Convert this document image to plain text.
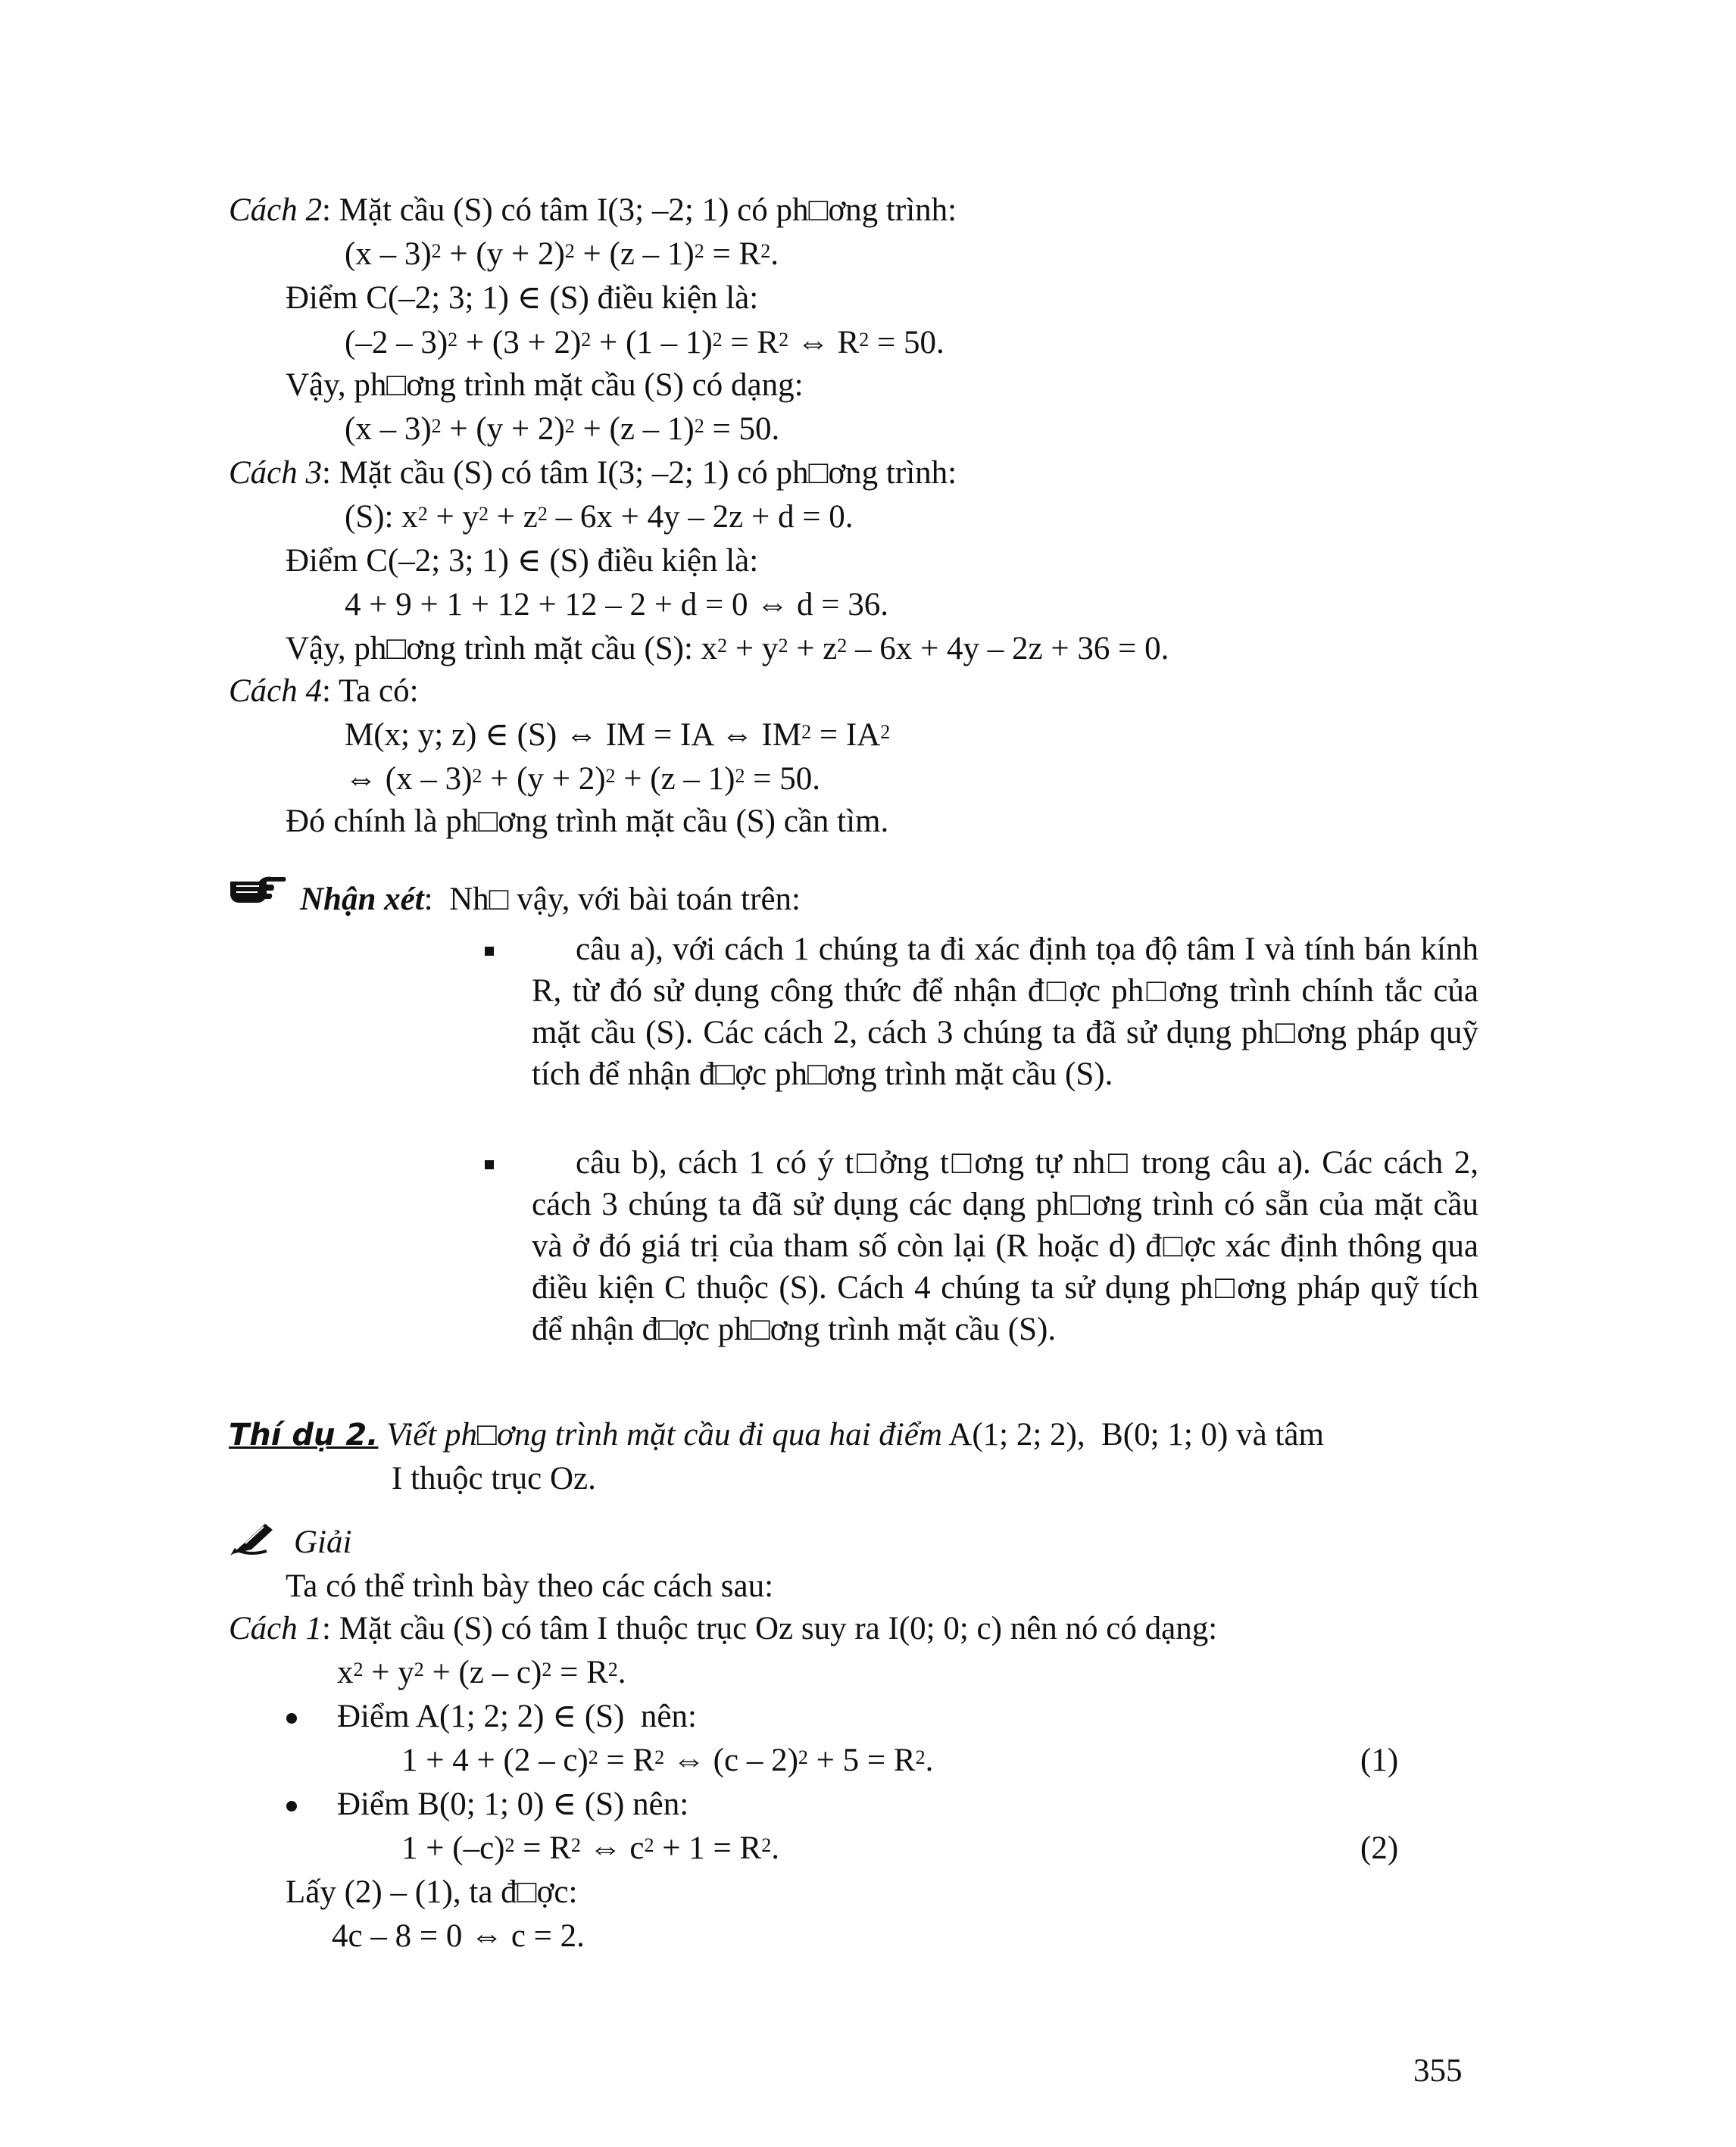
Cách 2: Mặt cầu (S) có tâm I(3; –2; 1) có ph□ơng trình:
$(x - 3)^2 + (y + 2)^2 + (z - 1)^2 = R^2$.
Điểm C(–2; 3; 1) ∈ (S) điều kiện là:
$(-2 - 3)^2 + (3 + 2)^2 + (1 - 1)^2 = R^2$ ⇔ $R^2 = 50$.
Vậy, ph□ơng trình mặt cầu (S) có dạng:
$(x - 3)^2 + (y + 2)^2 + (z - 1)^2 = 50$.
Cách 3: Mặt cầu (S) có tâm I(3; –2; 1) có ph□ơng trình:
(S): $x^2 + y^2 + z^2 - 6x + 4y - 2z + d = 0$.
Điểm C(–2; 3; 1) ∈ (S) điều kiện là:
4 + 9 + 1 + 12 + 12 – 2 + d = 0 ⇔ d = 36.
Vậy, ph□ơng trình mặt cầu (S): $x^2 + y^2 + z^2 - 6x + 4y - 2z + 36 = 0$.
Cách 4: Ta có:
M(x; y; z) ∈ (S) ⇔ IM = IA ⇔ $IM^2 = IA^2$
⇔ $(x - 3)^2 + (y + 2)^2 + (z - 1)^2 = 50$.
Đó chính là ph□ơng trình mặt cầu (S) cần tìm.
Nhận xét:  Nh□ vậy, với bài toán trên:
câu a), với cách 1 chúng ta đi xác định tọa độ tâm I và tính bán kính R, từ đó sử dụng công thức để nhận đ□ợc ph□ơng trình chính tắc của mặt cầu (S). Các cách 2, cách 3 chúng ta đã sử dụng ph□ơng pháp quỹ tích để nhận đ□ợc ph□ơng trình mặt cầu (S).
câu b), cách 1 có ý t□ởng t□ơng tự nh□ trong câu a). Các cách 2, cách 3 chúng ta đã sử dụng các dạng ph□ơng trình có sẵn của mặt cầu và ở đó giá trị của tham số còn lại (R hoặc d) đ□ợc xác định thông qua điều kiện C thuộc (S). Cách 4 chúng ta sử dụng ph□ơng pháp quỹ tích để nhận đ□ợc ph□ơng trình mặt cầu (S).
Thí dụ 2. Viết ph□ơng trình mặt cầu đi qua hai điểm A(1; 2; 2),  B(0; 1; 0) và tâm
I thuộc trục Oz.
Giải
Ta có thể trình bày theo các cách sau:
Cách 1: Mặt cầu (S) có tâm I thuộc trục Oz suy ra I(0; 0; c) nên nó có dạng:
$x^2 + y^2 + (z - c)^2 = R^2$.
Điểm A(1; 2; 2) ∈ (S)  nên:
$1 + 4 + (2 - c)^2 = R^2$ ⇔ $(c - 2)^2 + 5 = R^2$.	(1)
Điểm B(0; 1; 0) ∈ (S) nên:
$1 + (-c)^2 = R^2$ ⇔ $c^2 + 1 = R^2$.	(2)
Lấy (2) – (1), ta đ□ợc:
4c – 8 = 0 ⇔ c = 2.
355
